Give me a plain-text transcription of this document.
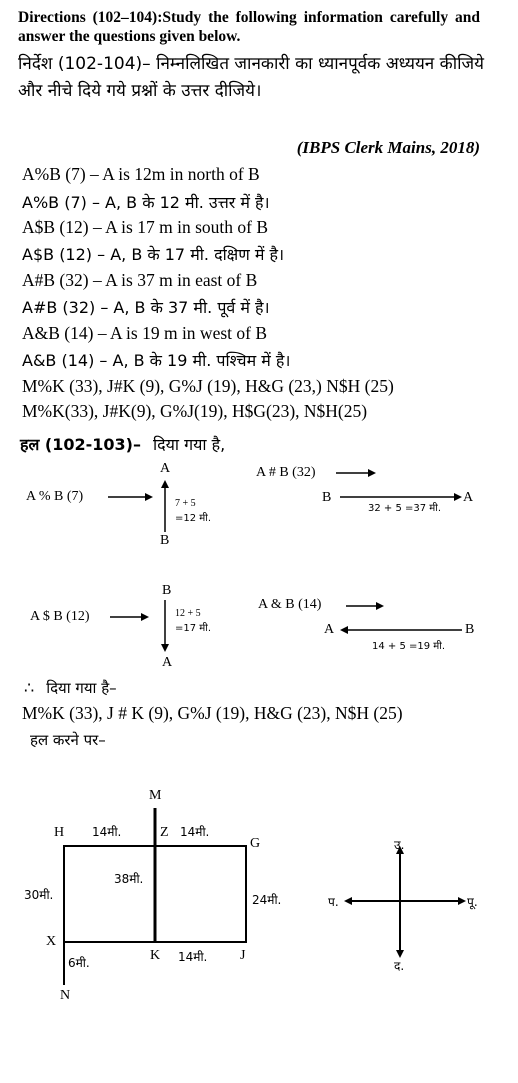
Directions (102–104):Study the following information carefully and answer the questions given below.
निर्देश (102-104)– निम्नलिखित जानकारी का ध्यानपूर्वक अध्ययन कीजिये और नीचे दिये गये प्रश्नों के उत्तर दीजिये।
(IBPS Clerk Mains, 2018)
A%B (7) – A is 12m in north of B
A%B (7) – A, B के 12 मी. उत्तर में है।
A$B (12) – A is 17 m in south of B
A$B (12) – A, B के 17 मी. दक्षिण में है।
A#B (32) – A is 37 m in east of B
A#B (32) – A, B के 37 मी. पूर्व में है।
A&B (14) – A is 19 m in west of B
A&B (14) – A, B के 19 मी. पश्चिम में है।
M%K (33), J#K (9), G%J (19), H&G (23,) N$H (25)
M%K(33), J#K(9), G%J(19), H$G(23), N$H(25)
हल (102-103)– दिया गया है,
A % B (7)
A
B
7 + 5
=12 मी.
A # B (32)
B	A
32 + 5 =37 मी.
A $ B (12)
B
A
12 + 5
=17 मी.
A & B (14)
A	B
14 + 5 =19 मी.
∴ दिया गया है–
M%K (33), J # K (9), G%J (19), H&G (23), N$H (25)
हल करने पर–
M
Z
H
G
X
K	J
N
14मी.	14मी.
38मी.
30मी.	24मी.
14मी.
6मी.
उ.
द.
प.	पू.
